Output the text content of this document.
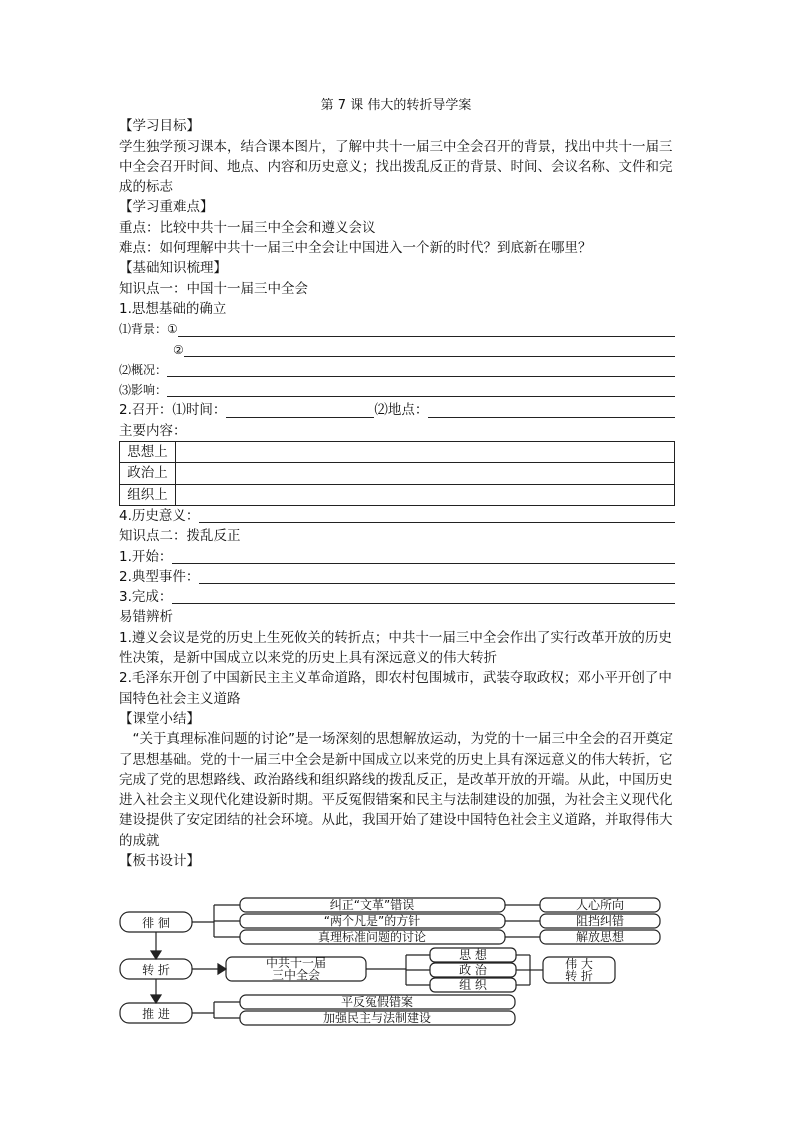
第 7 课 伟大的转折导学案
【学习目标】
学生独学预习课本，结合课本图片，了解中共十一届三中全会召开的背景，找出中共十一届三中全会召开时间、地点、内容和历史意义；找出拨乱反正的背景、时间、会议名称、文件和完成的标志
【学习重难点】
重点：比较中共十一届三中全会和遵义会议
难点：如何理解中共十一届三中全会让中国进入一个新的时代？到底新在哪里？
【基础知识梳理】
知识点一：中国十一届三中全会
1.思想基础的确立
⑴背景：①
②
⑵概况：
⑶影响：
2.召开：⑴时间：	⑵地点：
主要内容：
思想上	
政治上	
组织上	
4.历史意义：
知识点二：拨乱反正
1.开始：
2.典型事件：
3.完成：
易错辨析
1.遵义会议是党的历史上生死攸关的转折点；中共十一届三中全会作出了实行改革开放的历史性决策，是新中国成立以来党的历史上具有深远意义的伟大转折
2.毛泽东开创了中国新民主主义革命道路，即农村包围城市，武装夺取政权；邓小平开创了中国特色社会主义道路
【课堂小结】
“关于真理标准问题的讨论”是一场深刻的思想解放运动，为党的十一届三中全会的召开奠定了思想基础。党的十一届三中全会是新中国成立以来党的历史上具有深远意义的伟大转折，它完成了党的思想路线、政治路线和组织路线的拨乱反正，是改革开放的开端。从此，中国历史进入社会主义现代化建设新时期。平反冤假错案和民主与法制建设的加强，为社会主义现代化建设提供了安定团结的社会环境。从此，我国开始了建设中国特色社会主义道路，并取得伟大的成就
【板书设计】
徘 徊
转 折
推 进
纠正“文革”错误
“两个凡是”的方针
真理标准问题的讨论
人心所向
阻挡纠错
解放思想
中共十一届
三中全会
思 想
政 治
组 织
伟 大
转 折
平反冤假错案
加强民主与法制建设
